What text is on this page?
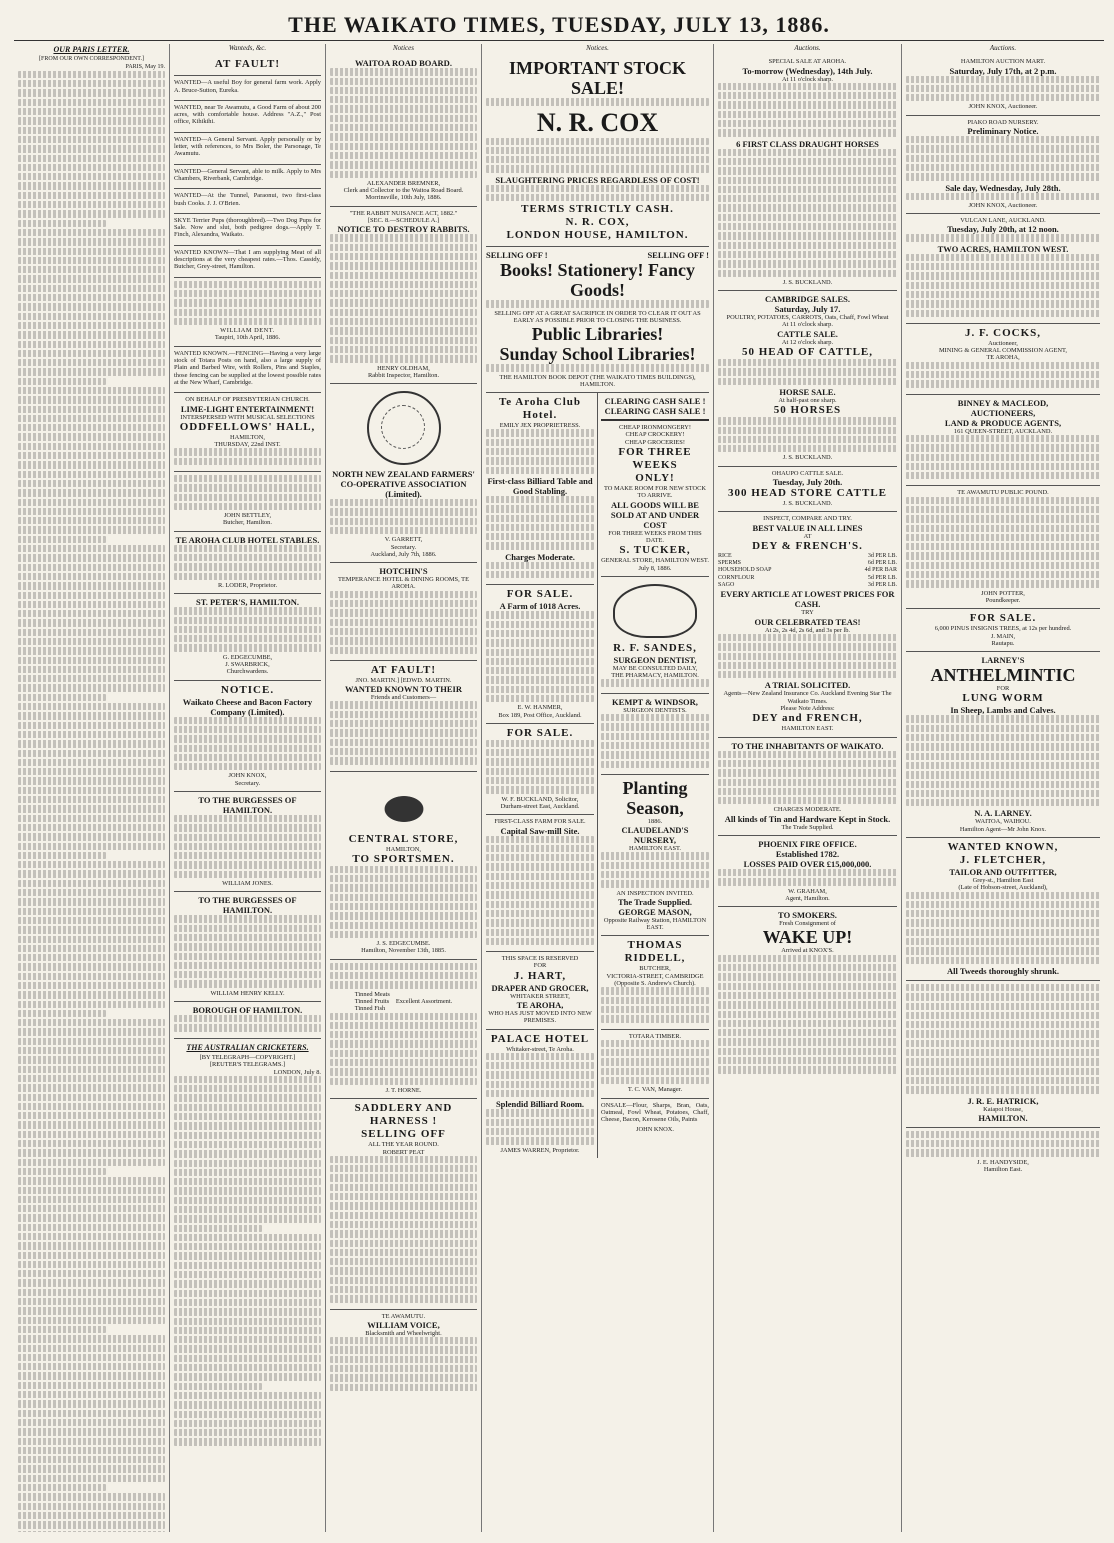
THE WAIKATO TIMES, TUESDAY, JULY 13, 1886.
OUR PARIS LETTER.
[FROM OUR OWN CORRESPONDENT.]
PARIS, May 19.
Wanteds, &c.
AT FAULT!

WANTED—A useful Boy for general farm work. Apply A. Bruce-Sutton, Eureka.

WANTED, near Te Awamutu, a Good Farm of about 200 acres, with comfortable house. Address "A.Z.," Post office, Kihikihi.

WANTED—A General Servant. Apply personally or by letter, with references, to Mrs Boler, the Parsonage, Te Awamutu.

WANTED—General Servant, able to milk. Apply to Mrs Chambers, Riverbank, Cambridge.

WANTED—At the Tunnel, Paraonui, two first-class bush Cooks. J. J. O'Brien.

SKYE Terrier Pups (thoroughbred).—Two Dog Pups for Sale. Now and slut, both pedigree dogs.—Apply T. Finch, Alexandra, Waikato.

WANTED KNOWN—That I am supplying Meat of all descriptions at the very cheapest rates.—Thos. Cassidy, Butcher, Grey-street, Hamilton.

WILLIAM DENT.
Taupiri, 10th April, 1886.

WANTED KNOWN.—FENCING—Having a very large stock of Totara Posts on hand, also a large supply of Plain and Barbed Wire, with Rollers, Pins and Staples, those fencing can be supplied at the lowest possible rates at the New Wharf, Cambridge.

ON BEHALF OF PRESBYTERIAN CHURCH.
LIME-LIGHT ENTERTAINMENT!
INTERSPERSED WITH MUSICAL SELECTIONS
ODDFELLOWS' HALL,
HAMILTON,
THURSDAY, 22nd INST.
JOHN BETTLEY,
Butcher, Hamilton.
TE AROHA CLUB HOTEL STABLES.
R. LODER, Proprietor.
ST. PETER'S, HAMILTON.
G. EDGECUMBE,
J. SWARBRICK,
Churchwardens.
NOTICE.
Waikato Cheese and Bacon Factory Company (Limited).
JOHN KNOX,
Secretary.
TO THE BURGESSES OF HAMILTON.
WILLIAM JONES.
TO THE BURGESSES OF HAMILTON.
WILLIAM HENRY KELLY.
BOROUGH OF HAMILTON.
THE AUSTRALIAN CRICKETERS.
[BY TELEGRAPH—COPYRIGHT.]
[REUTER'S TELEGRAMS.]
LONDON, July 8.
Notices
WAITOA ROAD BOARD.
ALEXANDER BREMNER,
Clerk and Collector to the Waitoa Road Board.
Morrinsville, 10th July, 1886.
"THE RABBIT NUISANCE ACT, 1882."
[SEC. 8.—SCHEDULE A.]
NOTICE TO DESTROY RABBITS.
HENRY OLDHAM,
Rabbit Inspector, Hamilton.
NORTH NEW ZEALAND FARMERS' CO-OPERATIVE ASSOCIATION (Limited).
V. GARRETT,
Secretary.
Auckland, July 7th, 1886.
HOTCHIN'S
TEMPERANCE HOTEL & DINING ROOMS, TE AROHA.
AT FAULT!
JNO. MARTIN.] [EDWD. MARTIN.
WANTED KNOWN TO THEIR
Friends and Customers—
CENTRAL STORE,
HAMILTON,
TO SPORTSMEN.
J. S. EDGECUMBE.
Hamilton, November 13th, 1885.
Tinned Meats
Tinned Fruits
Tinned Fish
Excellent Assortment.
J. T. HORNE.
SADDLERY AND HARNESS !
SELLING OFF
ALL THE YEAR ROUND.
ROBERT PEAT
TE AWAMUTU.
WILLIAM VOICE,
Blacksmith and Wheelwright.
Notices.
IMPORTANT STOCK SALE!
N. R. COX
SLAUGHTERING PRICES REGARDLESS OF COST!
TERMS STRICTLY CASH.
N. R. COX,
LONDON HOUSE, HAMILTON.
SELLING OFF !	SELLING OFF !
Books! Stationery! Fancy Goods!
SELLING OFF AT A GREAT SACRIFICE IN ORDER TO CLEAR IT OUT AS EARLY AS POSSIBLE PRIOR TO CLOSING THE BUSINESS.
Public Libraries!
Sunday School Libraries!
THE HAMILTON BOOK DEPOT (THE WAIKATO TIMES BUILDINGS), HAMILTON.
Te Aroha Club Hotel.
EMILY JEX PROPRIETRESS.
First-class Billiard Table and Good Stabling.
Charges Moderate.
FOR SALE.
A Farm of 1018 Acres.
E. W. HANMER,
Box 189, Post Office, Auckland.
FOR SALE.
W. F. BUCKLAND, Solicitor,
Durham-street East, Auckland.
FIRST-CLASS FARM FOR SALE.
Capital Saw-mill Site.
THIS SPACE IS RESERVED
FOR
J. HART,
DRAPER AND GROCER,
WHITAKER STREET,
TE AROHA,
WHO HAS JUST MOVED INTO NEW PREMISES.
PALACE HOTEL
Whitaker-street, Te Aroha.
Splendid Billiard Room.
JAMES WARREN, Proprietor.
CLEARING CASH SALE !
CLEARING CASH SALE !
CHEAP IRONMONGERY!
CHEAP CROCKERY!
CHEAP GROCERIES!
FOR THREE WEEKS
ONLY!
TO MAKE ROOM FOR NEW STOCK TO ARRIVE.
ALL GOODS WILL BE SOLD AT AND UNDER COST
FOR THREE WEEKS FROM THIS DATE.
S. TUCKER,
GENERAL STORE, HAMILTON WEST.
July 8, 1886.
R. F. SANDES,
SURGEON DENTIST,
MAY BE CONSULTED DAILY,
THE PHARMACY, HAMILTON.
KEMPT & WINDSOR,
SURGEON DENTISTS.
Planting Season,
1886.
CLAUDELAND'S NURSERY,
HAMILTON EAST.
AN INSPECTION INVITED.
The Trade Supplied.
GEORGE MASON,
Opposite Railway Station, HAMILTON EAST.
THOMAS RIDDELL,
BUTCHER,
VICTORIA-STREET, CAMBRIDGE
(Opposite S. Andrew's Church).
TOTARA TIMBER.
T. C. VAN, Manager.

ONSALE—Flour, Sharps, Bran, Oats, Oatmeal, Fowl Wheat, Potatoes, Chaff, Cheese, Bacon, Kerosene Oils, Paints

JOHN KNOX.
Auctions.
SPECIAL SALE AT AROHA.
To-morrow (Wednesday), 14th July.
At 11 o'clock sharp.
6 FIRST CLASS DRAUGHT HORSES
J. S. BUCKLAND.
CAMBRIDGE SALES.
Saturday, July 17.
POULTRY, POTATOES, CARROTS, Oats, Chaff, Fowl Wheat
At 11 o'clock sharp.
CATTLE SALE.
At 12 o'clock sharp.
50 HEAD OF CATTLE,
HORSE SALE.
At half-past one sharp.
50 HORSES
J. S. BUCKLAND.
OHAUPO CATTLE SALE.
Tuesday, July 20th.
300 HEAD STORE CATTLE
J. S. BUCKLAND.
INSPECT, COMPARE AND TRY.
BEST VALUE IN ALL LINES
AT
DEY & FRENCH'S.
RICE	3d PER LB.
SPERMS	6d PER LB.
HOUSEHOLD SOAP	4d PER BAR
CORNFLOUR	5d PER LB.
SAGO	3d PER LB.
EVERY ARTICLE AT LOWEST PRICES FOR CASH.
TRY
OUR CELEBRATED TEAS!
At 2s, 2s 4d, 2s 6d, and 3s per lb.
A TRIAL SOLICITED.
Agents—New Zealand Insurance Co. Auckland Evening Star The Waikato Times.
Please Note Address:
DEY and FRENCH,
HAMILTON EAST.
TO THE INHABITANTS OF WAIKATO.
CHARGES MODERATE.
All kinds of Tin and Hardware Kept in Stock.
The Trade Supplied.
PHOENIX FIRE OFFICE.
Established 1782.
LOSSES PAID OVER £15,000,000.
W. GRAHAM,
Agent, Hamilton.
TO SMOKERS.
Fresh Consignment of
WAKE UP!
Arrived at KNOX'S.
Auctions.
HAMILTON AUCTION MART.
Saturday, July 17th, at 2 p.m.
JOHN KNOX, Auctioneer.
PIAKO ROAD NURSERY.
Preliminary Notice.
Sale day, Wednesday, July 28th.
JOHN KNOX, Auctioneer.
VULCAN LANE, AUCKLAND.
Tuesday, July 20th, at 12 noon.
TWO ACRES, HAMILTON WEST.
J. F. COCKS,
Auctioneer,
MINING & GENERAL COMMISSION AGENT,
TE AROHA,
BINNEY & MACLEOD,
AUCTIONEERS,
LAND & PRODUCE AGENTS,
161 QUEEN-STREET, AUCKLAND.
TE AWAMUTU PUBLIC POUND.
JOHN POTTER,
Poundkeeper.
FOR SALE.
6,000 PINUS INSIGNIS TREES, at 12s per hundred.
J. MAIN,
Rautapu.
LARNEY'S
ANTHELMINTIC
FOR
LUNG WORM
In Sheep, Lambs and Calves.
N. A. LARNEY.
WAITOA, WAIHOU.
Hamilton Agent—Mr John Knox.
WANTED KNOWN,
J. FLETCHER,
TAILOR AND OUTFITTER,
Grey-st., Hamilton East
(Late of Hobson-street, Auckland),
All Tweeds thoroughly shrunk.
J. R. E. HATRICK,
Kaiapoi House,
HAMILTON.
J. E. HANDYSIDE,
Hamilton East.
